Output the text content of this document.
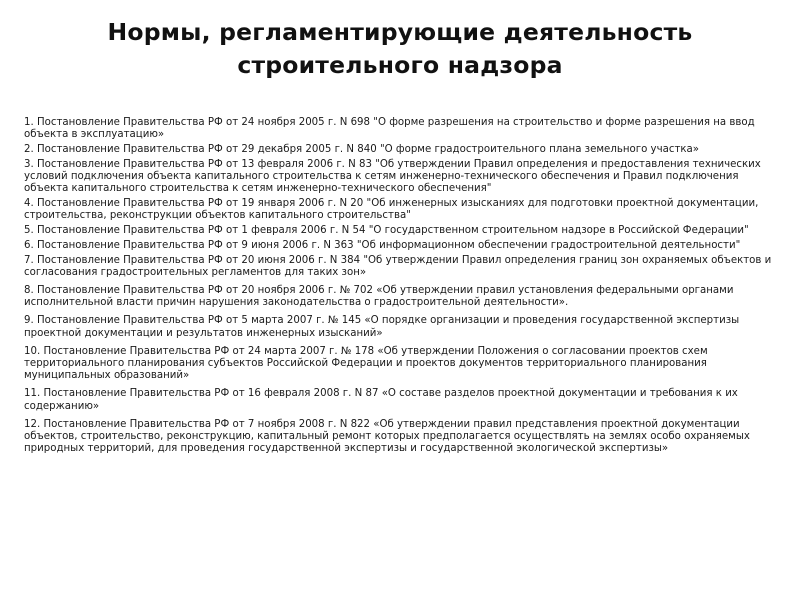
Нормы, регламентирующие деятельность
строительного надзора
1. Постановление Правительства РФ от 24 ноября 2005 г. N 698 "О форме разрешения на строительство и форме разрешения на ввод объекта в эксплуатацию»
2. Постановление Правительства РФ от 29 декабря 2005 г. N 840 "О форме градостроительного плана земельного участка»
3. Постановление Правительства РФ от 13 февраля 2006 г. N 83 "Об утверждении Правил определения и предоставления технических условий подключения объекта капитального строительства к сетям инженерно-технического обеспечения и Правил подключения объекта капитального строительства к сетям инженерно-технического обеспечения"
4. Постановление Правительства РФ от 19 января 2006 г. N 20 "Об инженерных изысканиях для подготовки проектной документации, строительства, реконструкции объектов капитального строительства"
5. Постановление Правительства РФ от 1 февраля 2006 г. N 54 "О государственном строительном надзоре в Российской Федерации"
6. Постановление Правительства РФ от 9 июня 2006 г. N 363 "Об информационном обеспечении градостроительной деятельности"
7. Постановление Правительства РФ от 20 июня 2006 г. N 384 "Об утверждении Правил определения границ зон охраняемых объектов и согласования градостроительных регламентов для таких зон»
8. Постановление Правительства РФ от 20 ноября 2006 г. № 702 «Об утверждении правил установления федеральными органами исполнительной власти причин нарушения законодательства о градостроительной деятельности».
9. Постановление Правительства РФ от 5 марта 2007 г. № 145 «О порядке организации и проведения государственной экспертизы проектной документации и результатов инженерных изысканий»
10. Постановление Правительства РФ от 24 марта 2007 г. № 178 «Об утверждении Положения о согласовании проектов схем территориального планирования субъектов Российской Федерации и проектов документов территориального планирования муниципальных образований»
11. Постановление Правительства РФ от 16 февраля 2008 г. N 87 «О составе разделов проектной документации и требования к их содержанию»
12. Постановление Правительства РФ от 7 ноября 2008 г. N 822 «Об утверждении правил представления проектной документации объектов, строительство, реконструкцию, капитальный ремонт которых предполагается осуществлять на землях особо охраняемых природных территорий, для проведения государственной экспертизы и государственной экологической экспертизы»
